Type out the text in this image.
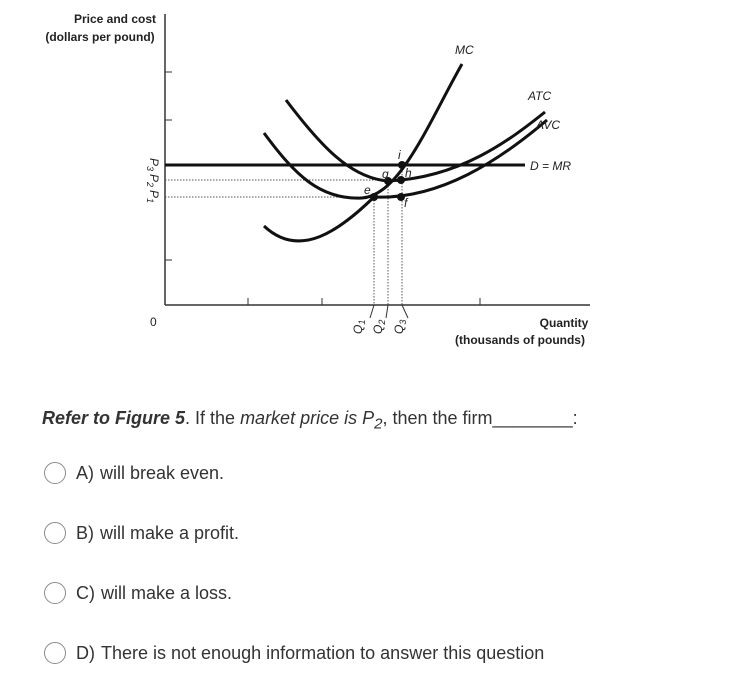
Price and cost
(dollars per pound)
e
f
g h
i
MC
ATC
AVC
D = MR
$P_3$
$P_2$
$P_1$
0
$Q_1$
$Q_2$
$Q_3$	Quantity
(thousands of pounds)
Refer to Figure 5. If the market price is $P_2$, then the firm________:
A) will break even.
B) will make a profit.
C) will make a loss.
D) There is not enough information to answer this question
